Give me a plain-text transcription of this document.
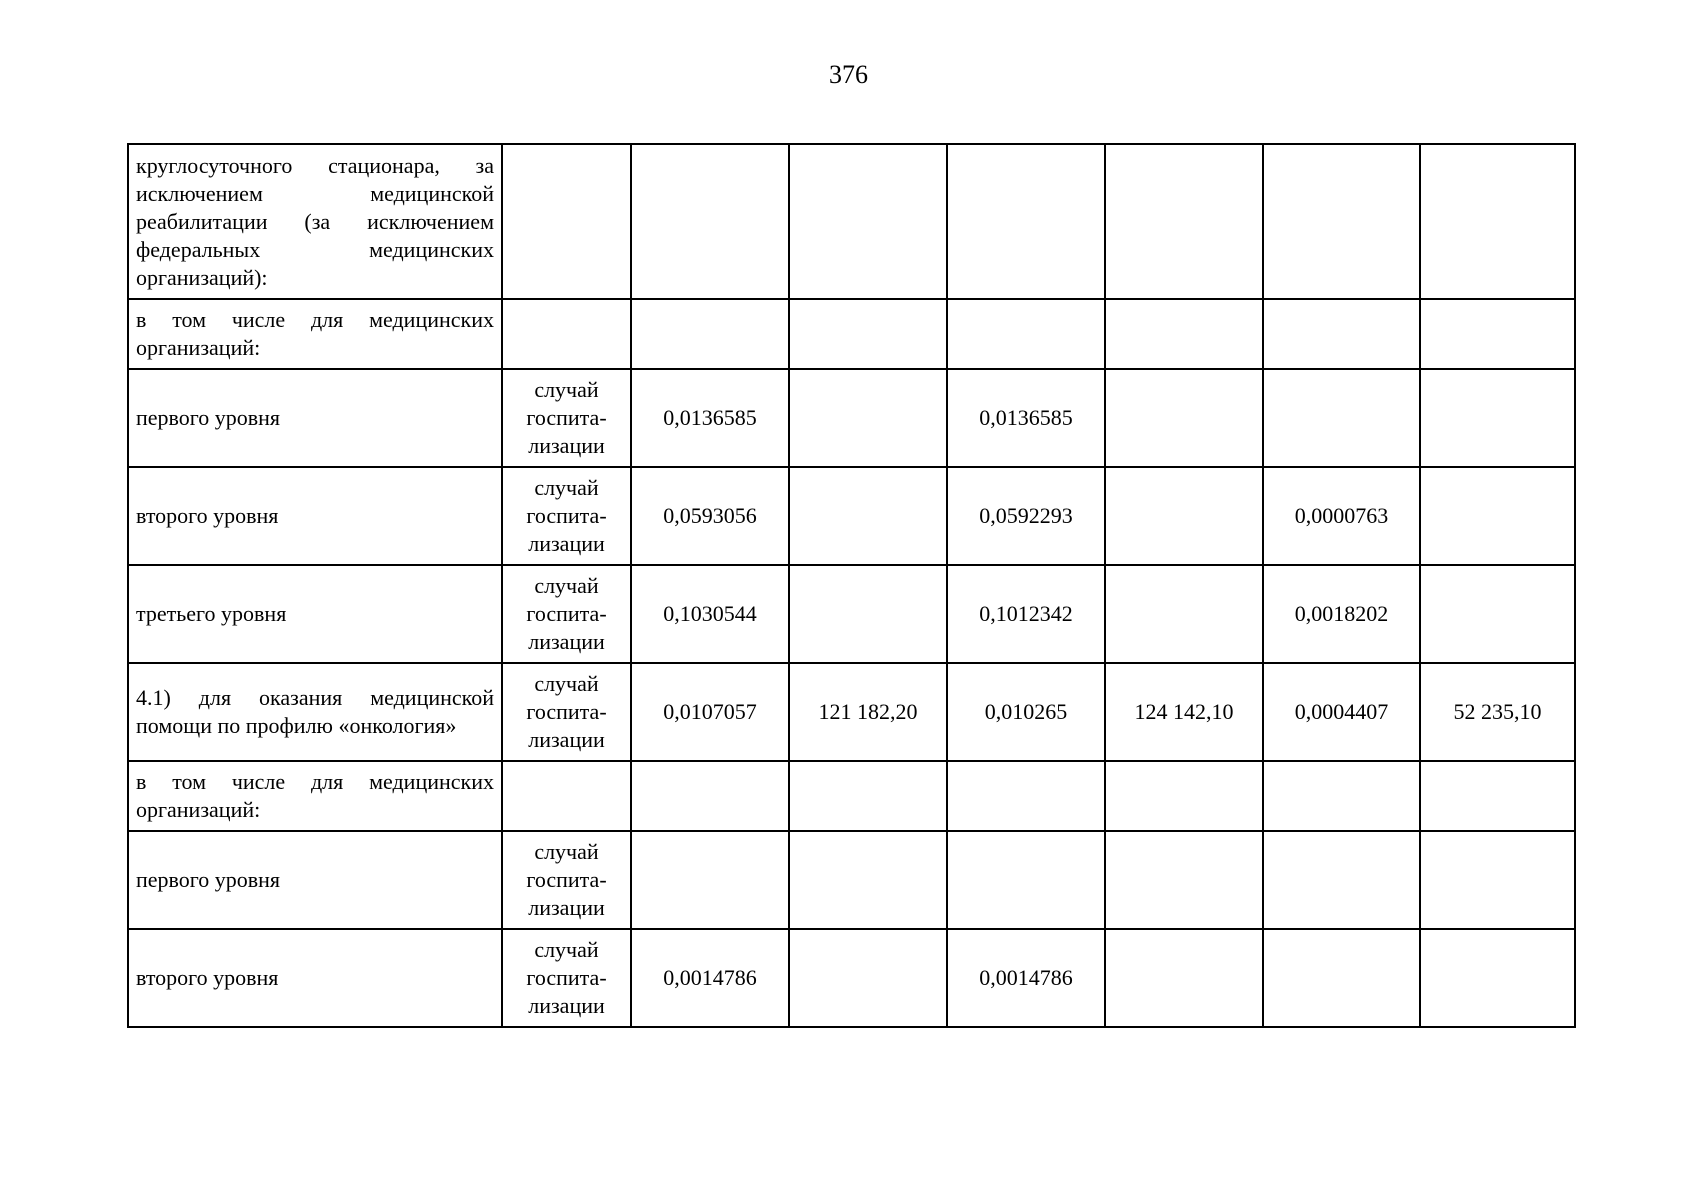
376
круглосуточного стационара, за исключением медицинской реабилитации (за исключением федеральных медицинских организаций):							
в том числе для медицинских организаций:							
первого уровня	случай госпита-лизации	0,0136585		0,0136585			
второго уровня	случай госпита-лизации	0,0593056		0,0592293		0,0000763	
третьего уровня	случай госпита-лизации	0,1030544		0,1012342		0,0018202	
4.1) для оказания медицинской помощи по профилю «онкология»	случай госпита-лизации	0,0107057	121 182,20	0,010265	124 142,10	0,0004407	52 235,10
в том числе для медицинских организаций:							
первого уровня	случай госпита-лизации						
второго уровня	случай госпита-лизации	0,0014786		0,0014786			
